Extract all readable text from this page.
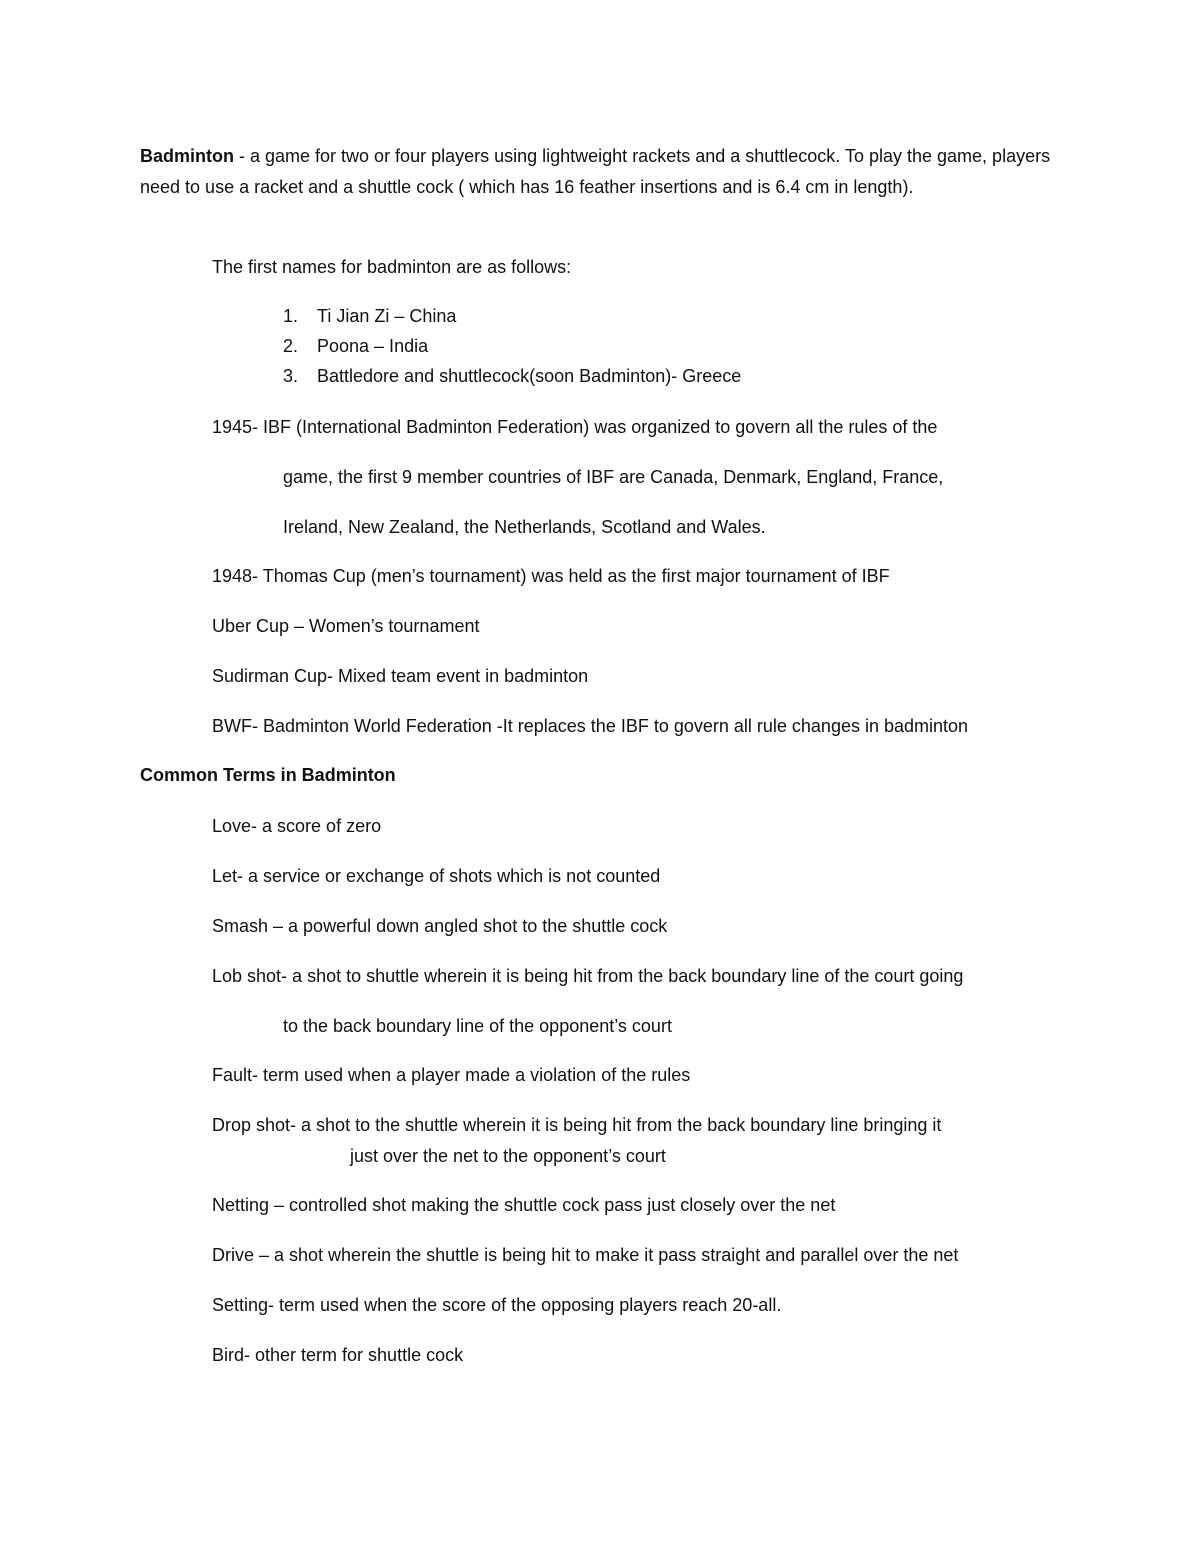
Badminton - a game for two or four players using lightweight rackets and a shuttlecock. To play the game, players need to use a racket and a shuttle cock ( which has 16 feather insertions and is 6.4 cm in length).

The first names for badminton are as follows:
1. Ti Jian Zi – China
2. Poona – India
3. Battledore and shuttlecock(soon Badminton)- Greece
1945- IBF (International Badminton Federation) was organized to govern all the rules of the
game, the first 9 member countries of IBF are Canada, Denmark, England, France,
Ireland, New Zealand, the Netherlands, Scotland and Wales.
1948- Thomas Cup (men’s tournament) was held as the first major tournament of IBF
Uber Cup – Women’s tournament
Sudirman Cup- Mixed team event in badminton
BWF- Badminton World Federation -It replaces the IBF to govern all rule changes in badminton
Common Terms in Badminton
Love- a score of zero
Let- a service or exchange of shots which is not counted
Smash – a powerful down angled shot to the shuttle cock
Lob shot- a shot to shuttle wherein it is being hit from the back boundary line of the court going
to the back boundary line of the opponent’s court
Fault- term used when a player made a violation of the rules
Drop shot- a shot to the shuttle wherein it is being hit from the back boundary line bringing it
just over the net to the opponent’s court
Netting – controlled shot making the shuttle cock pass just closely over the net
Drive – a shot wherein the shuttle is being hit to make it pass straight and parallel over the net
Setting- term used when the score of the opposing players reach 20-all.
Bird- other term for shuttle cock
